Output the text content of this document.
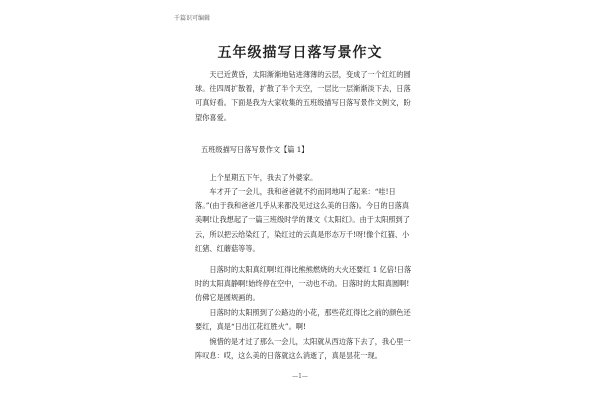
千篇识可编辑
五年级描写日落写景作文
天已近黄昏，太阳渐渐地钻进薄薄的云层，变成了一个红红的圆球。往四周扩散着，扩散了半个天空，一层比一层渐渐淡下去，日落可真好看。下面是我为大家收集的五班级描写日落写景作文例文，盼望你喜爱。
五班级描写日落写景作文【篇 1】
上个星期五下午，我去了外婆家。
车才开了一会儿，我和爸爸就不约而同地叫了起来：“哇!日落。”(由于我和爸爸几乎从来都没见过这么美的日落)。今日的日落真美啊!让我想起了一篇三班级时学的课文《太阳红》。由于太阳照到了云，所以把云给染红了，染红过的云真是形态万千!呀!像个红猫、小红猪、红蘑菇等等。
日落时的太阳真红啊!红得比熊熊燃烧的大火还要红 1 亿倍!日落时的太阳真静啊!始终停在空中，一动也不动。日落时的太阳真圆啊!仿佛它是圆规画的。
日落时的太阳照到了公路边的小花，那些花红得比之前的颜色还要红，真是“日出江花红胜火”。啊!
惋惜的是才过了那么一会儿，太阳就从西边落下去了，我心里一阵叹息：哎，这么美的日落就这么消逝了，真是昙花一现。
—1—
